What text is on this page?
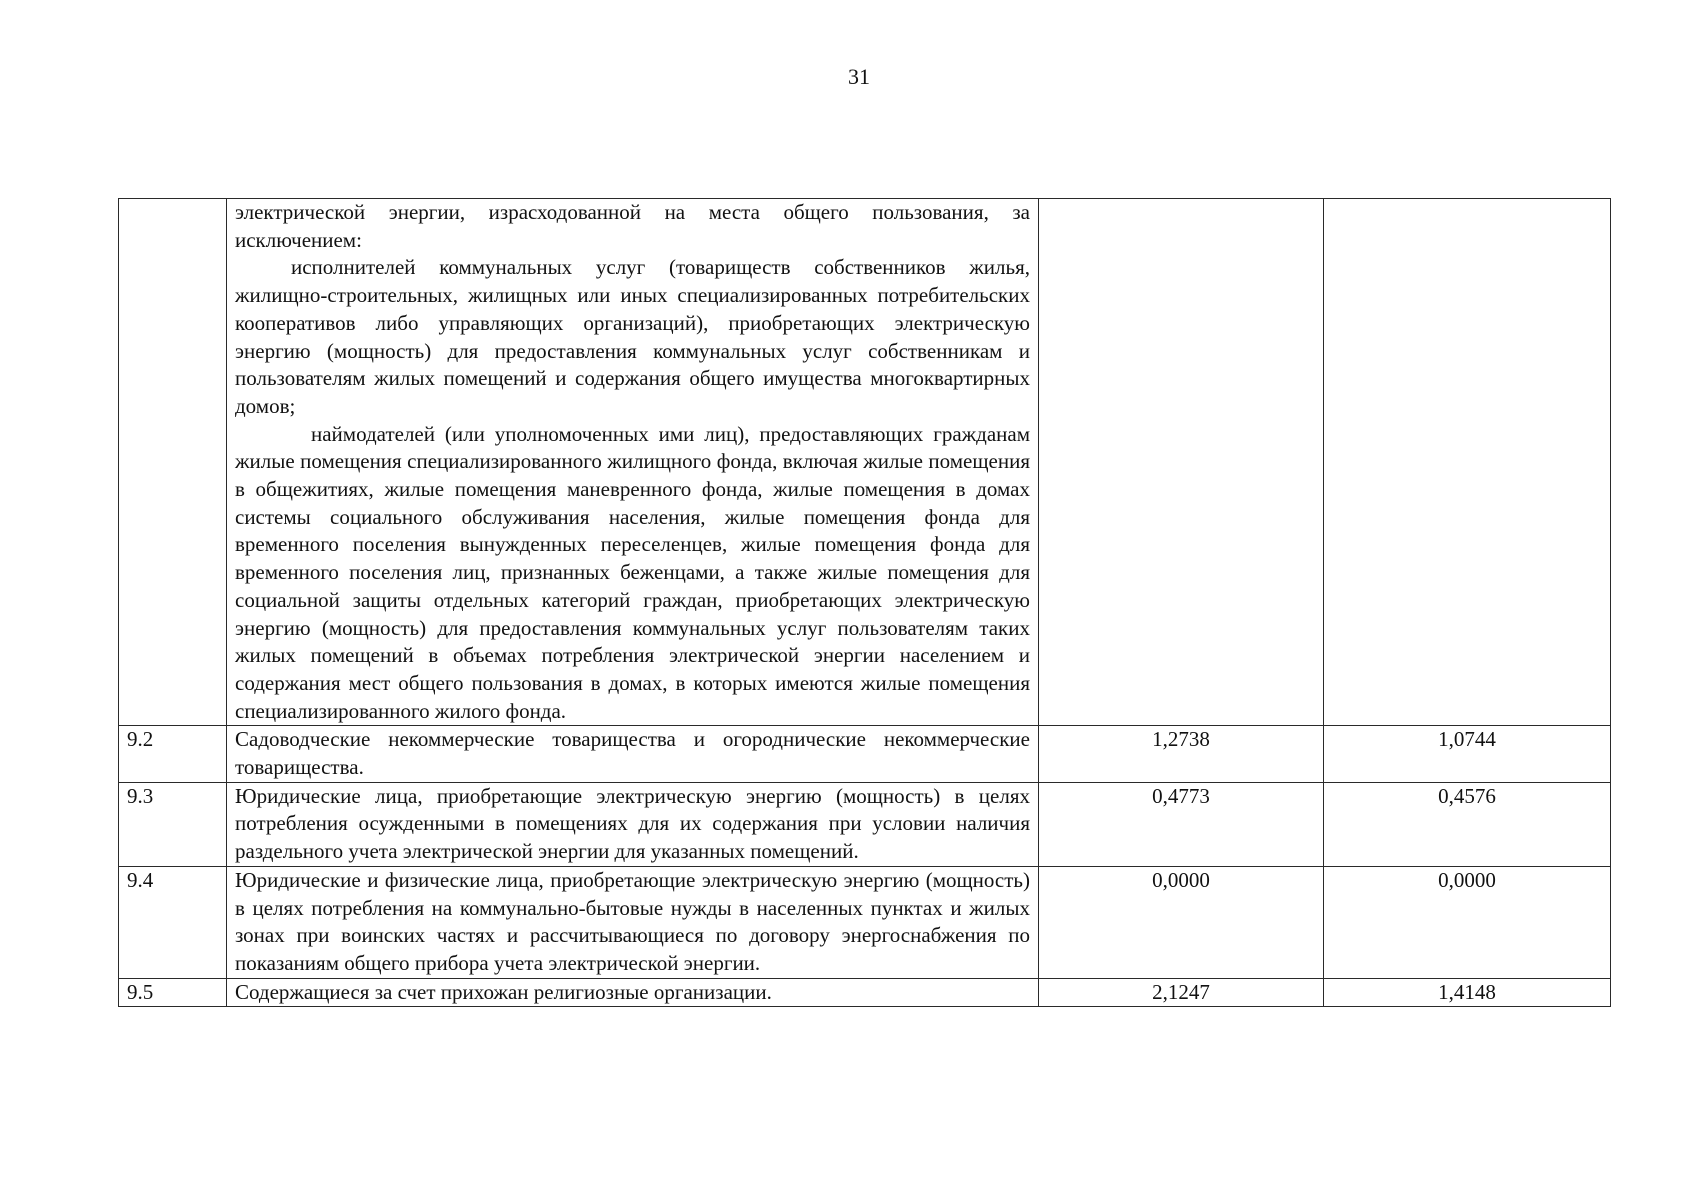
31

	электрической энергии, израсходованной на места общего пользования, за исключением:

исполнителей коммунальных услуг (товариществ собственников жилья, жилищно-строительных, жилищных или иных специализированных потребительских кооперативов либо управляющих организаций), приобретающих электрическую энергию (мощность) для предоставления коммунальных услуг собственникам и пользователям жилых помещений и содержания общего имущества многоквартирных домов;

наймодателей (или уполномоченных ими лиц), предоставляющих гражданам жилые помещения специализированного жилищного фонда, включая жилые помещения в общежитиях, жилые помещения маневренного фонда, жилые помещения в домах системы социального обслуживания населения, жилые помещения фонда для временного поселения вынужденных переселенцев, жилые помещения фонда для временного поселения лиц, признанных беженцами, а также жилые помещения для социальной защиты отдельных категорий граждан, приобретающих электрическую энергию (мощность) для предоставления коммунальных услуг пользователям таких жилых помещений в объемах потребления электрической энергии населением и содержания мест общего пользования в домах, в которых имеются жилые помещения специализированного жилого фонда.		

9.2	Садоводческие некоммерческие товарищества и огороднические некоммерческие товарищества.	1,2738	1,0744
9.3	Юридические лица, приобретающие электрическую энергию (мощность) в целях потребления осужденными в помещениях для их содержания при условии наличия раздельного учета электрической энергии для указанных помещений.	0,4773	0,4576
9.4	Юридические и физические лица, приобретающие электрическую энергию (мощность) в целях потребления на коммунально-бытовые нужды в населенных пунктах и жилых зонах при воинских частях и рассчитывающиеся по договору энергоснабжения по показаниям общего прибора учета электрической энергии.	0,0000	0,0000
9.5	Содержащиеся за счет прихожан религиозные организации.	2,1247	1,4148
